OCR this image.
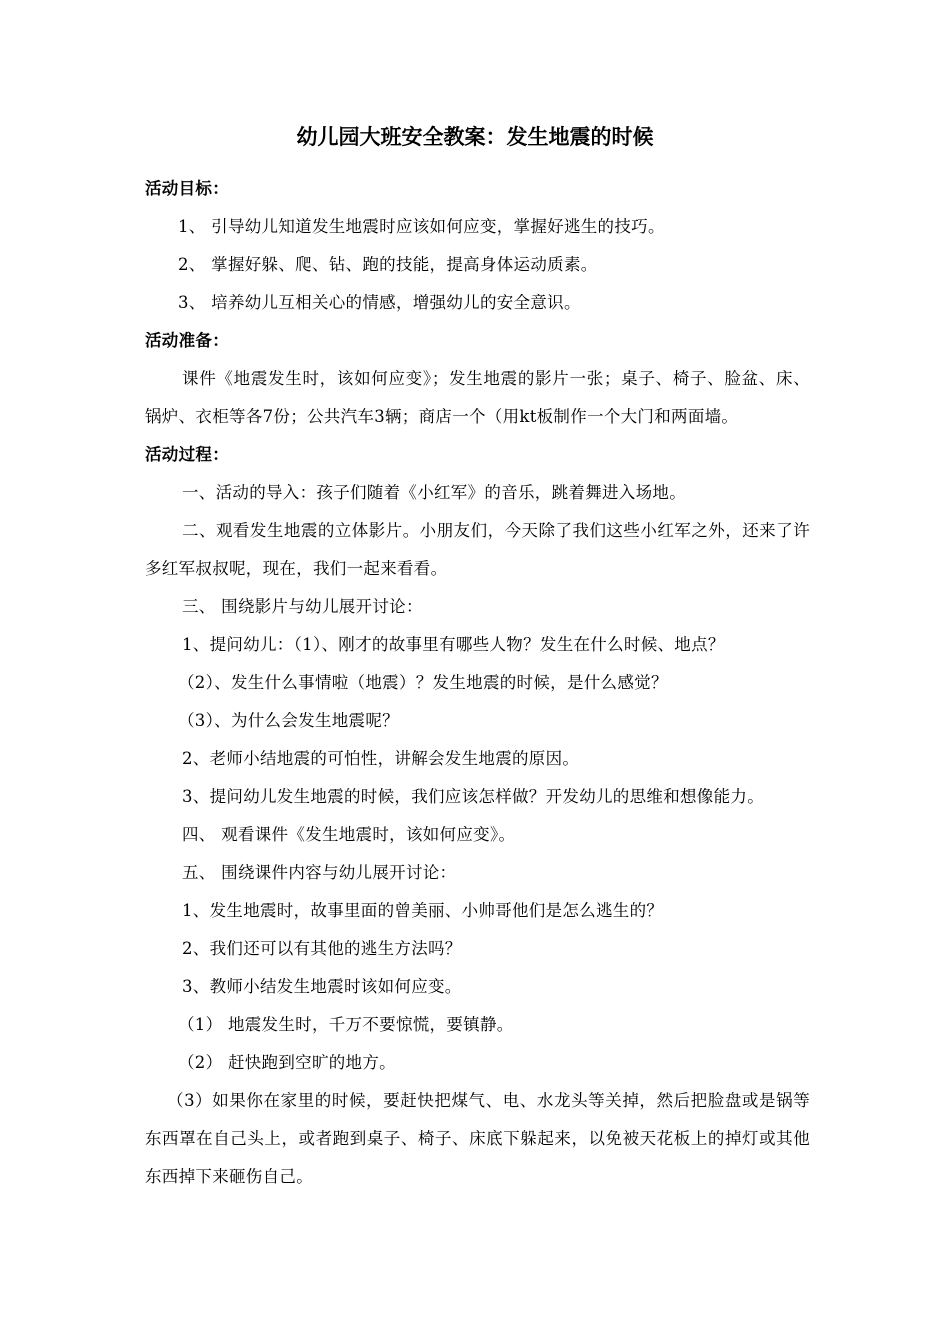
幼儿园大班安全教案：发生地震的时候

活动目标：

1、 引导幼儿知道发生地震时应该如何应变，掌握好逃生的技巧。

2、 掌握好躲、爬、钻、跑的技能，提高身体运动质素。

3、 培养幼儿互相关心的情感，增强幼儿的安全意识。

活动准备：

课件《地震发生时，该如何应变》；发生地震的影片一张；桌子、椅子、脸盆、床、锅炉、衣柜等各7份；公共汽车3辆；商店一个（用kt板制作一个大门和两面墙。

活动过程：

一、活动的导入：孩子们随着《小红军》的音乐，跳着舞进入场地。

二、观看发生地震的立体影片。小朋友们，今天除了我们这些小红军之外，还来了许多红军叔叔呢，现在，我们一起来看看。

三、 围绕影片与幼儿展开讨论：

1、提问幼儿：（1）、刚才的故事里有哪些人物？发生在什么时候、地点？

（2）、发生什么事情啦（地震）？发生地震的时候，是什么感觉？

（3）、为什么会发生地震呢？

2、老师小结地震的可怕性，讲解会发生地震的原因。

3、提问幼儿发生地震的时候，我们应该怎样做？开发幼儿的思维和想像能力。

四、 观看课件《发生地震时，该如何应变》。

五、 围绕课件内容与幼儿展开讨论：

1、发生地震时，故事里面的曾美丽、小帅哥他们是怎么逃生的？

2、我们还可以有其他的逃生方法吗？

3、教师小结发生地震时该如何应变。

（1） 地震发生时，千万不要惊慌，要镇静。

（2） 赶快跑到空旷的地方。

（3）如果你在家里的时候，要赶快把煤气、电、水龙头等关掉，然后把脸盘或是锅等东西罩在自己头上，或者跑到桌子、椅子、床底下躲起来，以免被天花板上的掉灯或其他东西掉下来砸伤自己。
